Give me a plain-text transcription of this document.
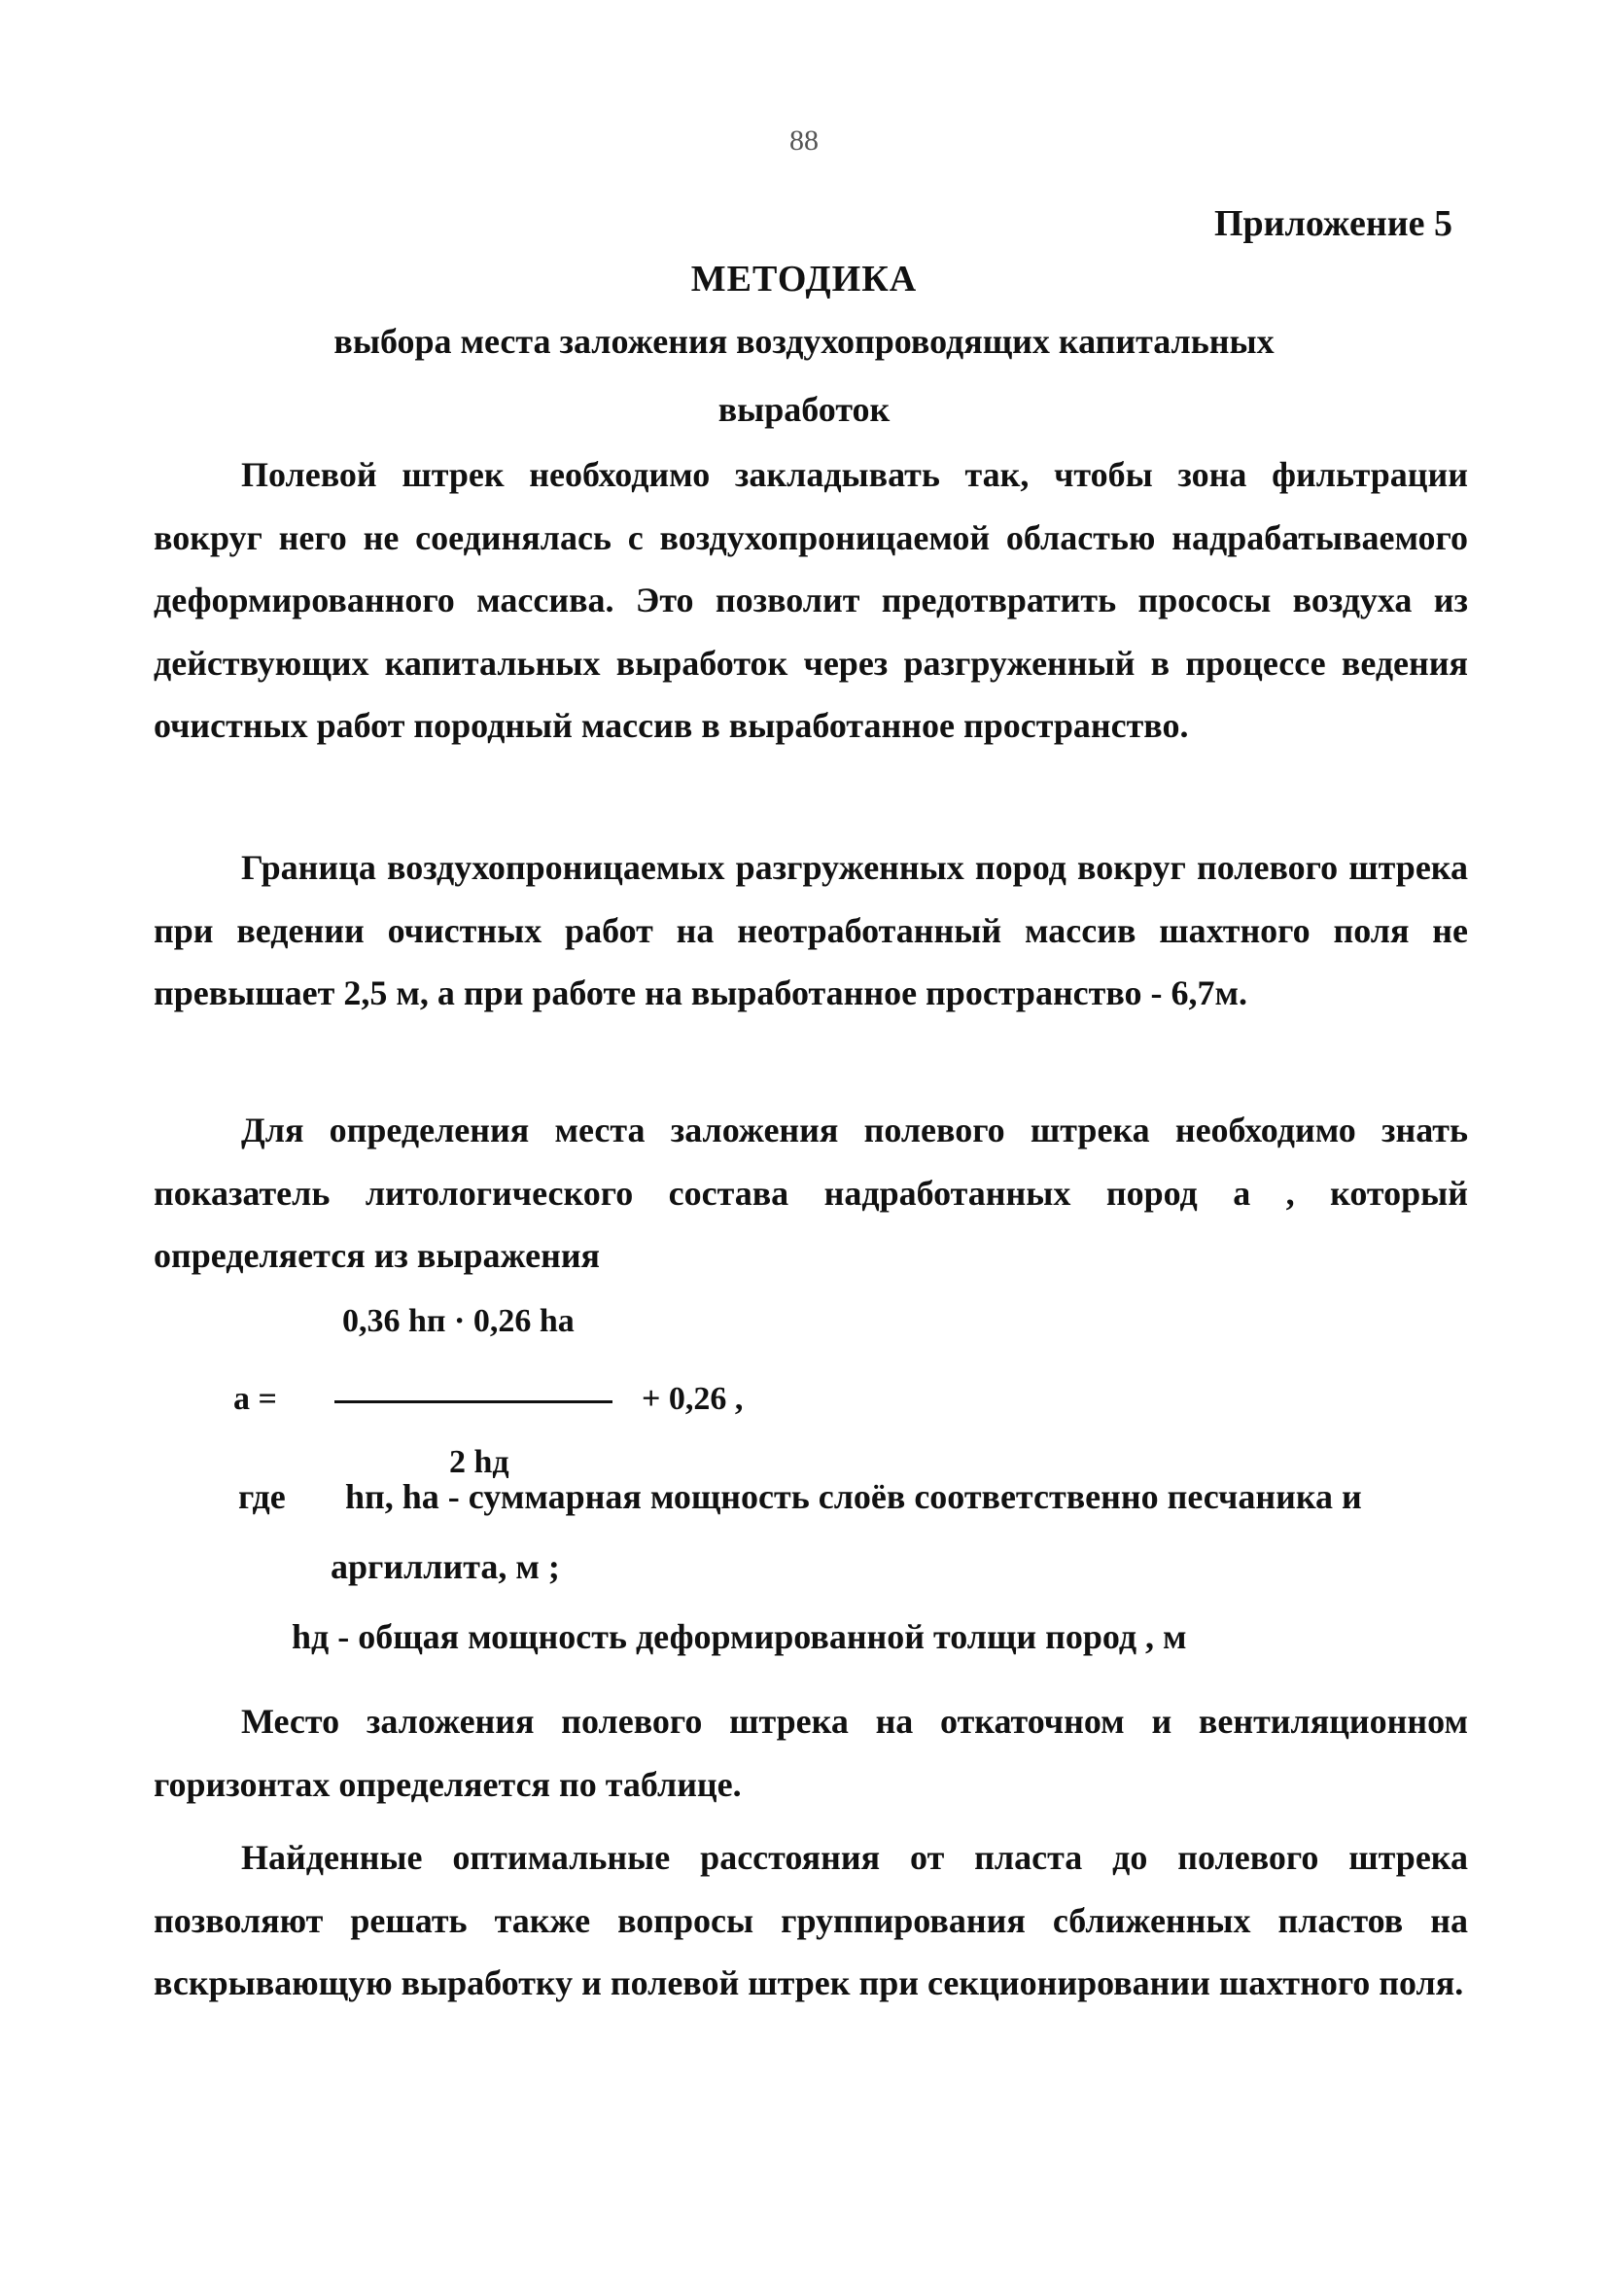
88
Приложение 5
МЕТОДИКА
выбора места заложения воздухопроводящих капитальных
выработок
Полевой штрек необходимо закладывать так, чтобы зона фильтрации вокруг него не соединялась с воздухопроницаемой областью надрабатываемого деформированного массива. Это позволит предотвратить прососы воздуха из действующих капитальных выработок через разгруженный в процессе ведения очистных работ породный массив в выработанное пространство.
Граница воздухопроницаемых разгруженных пород вокруг полевого штрека при ведении очистных работ на неотработанный массив шахтного поля не превышает 2,5 м, а при работе на выработанное пространство - 6,7м.
Для определения места заложения полевого штрека необходимо знать показатель литологического состава надработанных пород а , который определяется из выражения
0,36 hп · 0,26 hа
а =	+ 0,26 ,
2 hд
где hп, hа - суммарная мощность слоёв соответственно песчаника и
аргиллита, м ;
hд - общая мощность деформированной толщи пород , м
Место заложения полевого штрека на откаточном и вентиляционном горизонтах определяется по таблице.
Найденные оптимальные расстояния от пласта до полевого штрека позволяют решать также вопросы группирования сближенных пластов на вскрывающую выработку и полевой штрек при секционировании шахтного поля.
